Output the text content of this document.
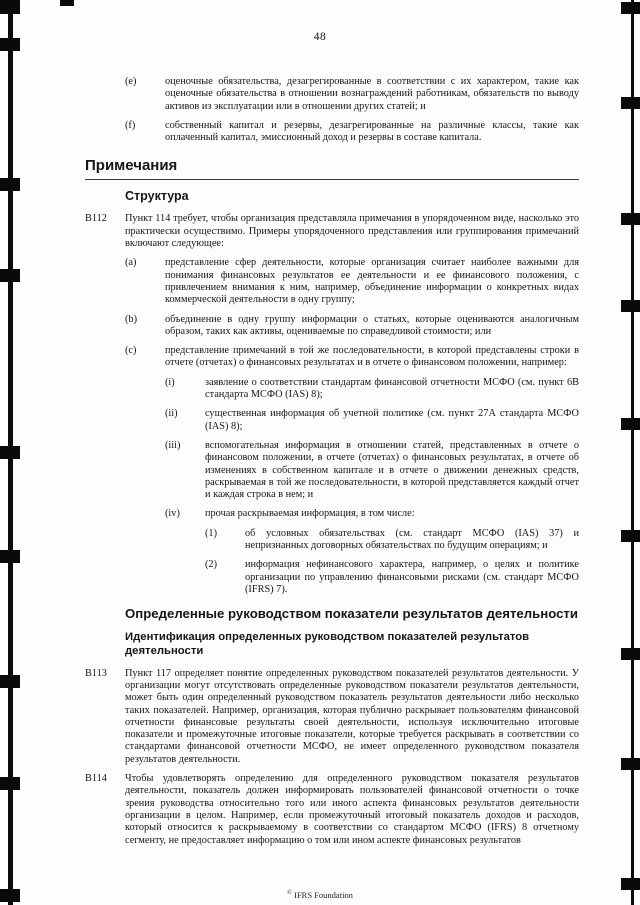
48
(e)	оценочные обязательства, дезагрегированные в соответствии с их характером, такие как оценочные обязательства в отношении вознаграждений работникам, обязательств по выводу активов из эксплуатации или в отношении других статей; и
(f)	собственный капитал и резервы, дезагрегированные на различные классы, такие как оплаченный капитал, эмиссионный доход и резервы в составе капитала.
Примечания
Структура
B112	Пункт 114 требует, чтобы организация представляла примечания в упорядоченном виде, насколько это практически осуществимо. Примеры упорядоченного представления или группирования примечаний включают следующее:
(a)	представление сфер деятельности, которые организация считает наиболее важными для понимания финансовых результатов ее деятельности и ее финансового положения, с привлечением внимания к ним, например, объединение информации о конкретных видах коммерческой деятельности в одну группу;
(b)	объединение в одну группу информации о статьях, которые оцениваются аналогичным образом, таких как активы, оцениваемые по справедливой стоимости; или
(c)	представление примечаний в той же последовательности, в которой представлены строки в отчете (отчетах) о финансовых результатах и в отчете о финансовом положении, например:
(i)	заявление о соответствии стандартам финансовой отчетности МСФО (см. пункт 6В стандарта МСФО (IAS) 8);
(ii)	существенная информация об учетной политике (см. пункт 27А стандарта МСФО (IAS) 8);
(iii)	вспомогательная информация в отношении статей, представленных в отчете о финансовом положении, в отчете (отчетах) о финансовых результатах, в отчете об изменениях в собственном капитале и в отчете о движении денежных средств, раскрываемая в той же последовательности, в которой представляется каждый отчет и каждая строка в нем; и
(iv)	прочая раскрываемая информация, в том числе:
(1)	об условных обязательствах (см. стандарт МСФО (IAS) 37) и непризнанных договорных обязательствах по будущим операциям; и
(2)	информация нефинансового характера, например, о целях и политике организации по управлению финансовыми рисками (см. стандарт МСФО (IFRS) 7).
Определенные руководством показатели результатов деятельности
Идентификация определенных руководством показателей результатов деятельности
B113	Пункт 117 определяет понятие определенных руководством показателей результатов деятельности. У организации могут отсутствовать определенные руководством показатели результатов деятельности, может быть один определенный руководством показатель результатов деятельности либо несколько таких показателей. Например, организация, которая публично раскрывает пользователям финансовой отчетности финансовые результаты своей деятельности, используя исключительно итоговые показатели и промежуточные итоговые показатели, которые требуется раскрывать в соответствии со стандартами финансовой отчетности МСФО, не имеет определенного руководством показателя результатов деятельности.
B114	Чтобы удовлетворять определению для определенного руководством показателя результатов деятельности, показатель должен информировать пользователей финансовой отчетности о точке зрения руководства относительно того или иного аспекта финансовых результатов деятельности организации в целом. Например, если промежуточный итоговый показатель доходов и расходов, который относится к раскрываемому в соответствии со стандартом МСФО (IFRS) 8 отчетному сегменту, не предоставляет информацию о том или ином аспекте финансовых результатов
© IFRS Foundation
